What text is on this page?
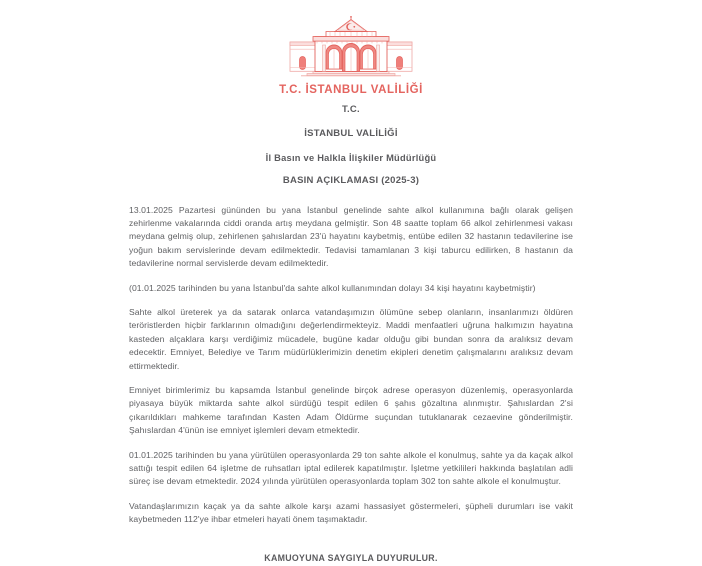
T.C. İSTANBUL VALİLİĞİ
T.C.
İSTANBUL VALİLİĞİ
İl Basın ve Halkla İlişkiler Müdürlüğü
BASIN AÇIKLAMASI (2025-3)

13.01.2025 Pazartesi gününden bu yana İstanbul genelinde sahte alkol kullanımına bağlı olarak gelişen zehirlenme vakalarında ciddi oranda artış meydana gelmiştir. Son 48 saatte toplam 66 alkol zehirlenmesi vakası meydana gelmiş olup, zehirlenen şahıslardan 23'ü hayatını kaybetmiş, entübe edilen 32 hastanın tedavilerine ise yoğun bakım servislerinde devam edilmektedir. Tedavisi tamamlanan 3 kişi taburcu edilirken, 8 hastanın da tedavilerine normal servislerde devam edilmektedir.

(01.01.2025 tarihinden bu yana İstanbul'da sahte alkol kullanımından dolayı 34 kişi hayatını kaybetmiştir)

Sahte alkol üreterek ya da satarak onlarca vatandaşımızın ölümüne sebep olanların, insanlarımızı öldüren teröristlerden hiçbir farklarının olmadığını değerlendirmekteyiz. Maddi menfaatleri uğruna halkımızın hayatına kasteden alçaklara karşı verdiğimiz mücadele, bugüne kadar olduğu gibi bundan sonra da aralıksız devam edecektir. Emniyet, Belediye ve Tarım müdürlüklerimizin denetim ekipleri denetim çalışmalarını aralıksız devam ettirmektedir.

Emniyet birimlerimiz bu kapsamda İstanbul genelinde birçok adrese operasyon düzenlemiş, operasyonlarda piyasaya büyük miktarda sahte alkol sürdüğü tespit edilen 6 şahıs gözaltına alınmıştır. Şahıslardan 2'si çıkarıldıkları mahkeme tarafından Kasten Adam Öldürme suçundan tutuklanarak cezaevine gönderilmiştir. Şahıslardan 4'ünün ise emniyet işlemleri devam etmektedir.

01.01.2025 tarihinden bu yana yürütülen operasyonlarda 29 ton sahte alkole el konulmuş, sahte ya da kaçak alkol sattığı tespit edilen 64 işletme de ruhsatları iptal edilerek kapatılmıştır. İşletme yetkilileri hakkında başlatılan adli süreç ise devam etmektedir. 2024 yılında yürütülen operasyonlarda toplam 302 ton sahte alkole el konulmuştur.

Vatandaşlarımızın kaçak ya da sahte alkole karşı azami hassasiyet göstermeleri, şüpheli durumları ise vakit kaybetmeden 112'ye ihbar etmeleri hayati önem taşımaktadır.

KAMUOYUNA SAYGIYLA DUYURULUR.
